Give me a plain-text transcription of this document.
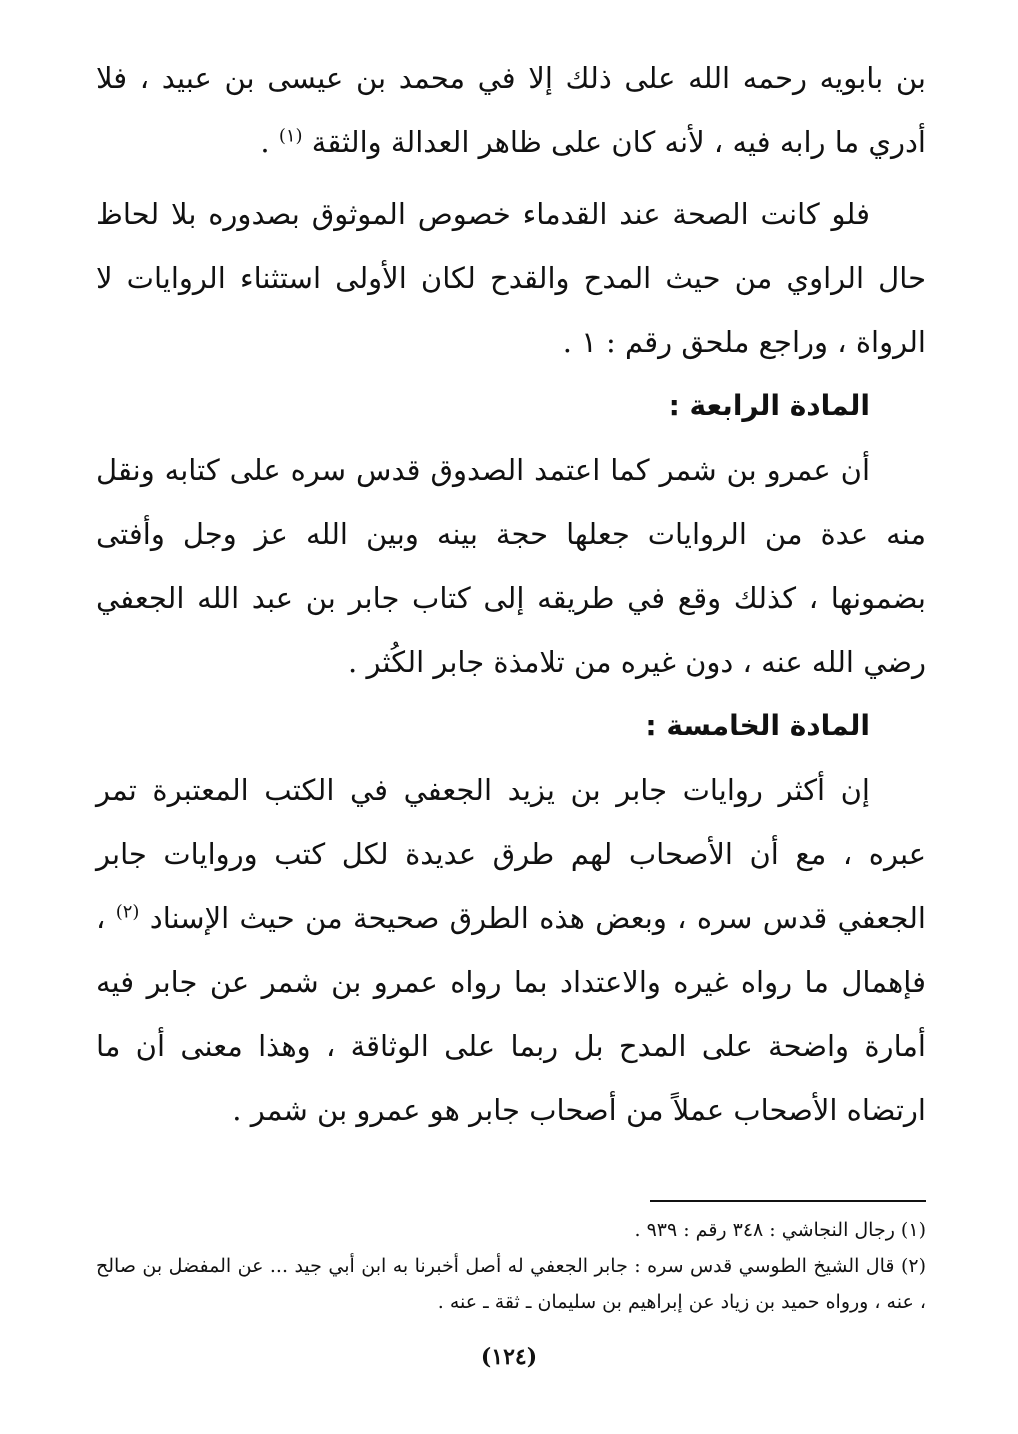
بن بابويه رحمه الله على ذلك إلا في محمد بن عيسى بن عبيد ، فلا أدري ما رابه فيه ، لأنه كان على ظاهر العدالة والثقة $^{(١)}$ .

فلو كانت الصحة عند القدماء خصوص الموثوق بصدوره بلا لحاظ حال الراوي من حيث المدح والقدح لكان الأولى استثناء الروايات لا الرواة ، وراجع ملحق رقم : ١ .

المادة الرابعة :

أن عمرو بن شمر كما اعتمد الصدوق قدس سره على كتابه ونقل منه عدة من الروايات جعلها حجة بينه وبين الله عز وجل وأفتى بضمونها ، كذلك وقع في طريقه إلى كتاب جابر بن عبد الله الجعفي رضي الله عنه ، دون غيره من تلامذة جابر الكُثر .

المادة الخامسة :

إن أكثر روايات جابر بن يزيد الجعفي في الكتب المعتبرة تمر عبره ، مع أن الأصحاب لهم طرق عديدة لكل كتب وروايات جابر الجعفي قدس سره ، وبعض هذه الطرق صحيحة من حيث الإسناد $^{(٢)}$ ، فإهمال ما رواه غيره والاعتداد بما رواه عمرو بن شمر عن جابر فيه أمارة واضحة على المدح بل ربما على الوثاقة ، وهذا معنى أن ما ارتضاه الأصحاب عملاً من أصحاب جابر هو عمرو بن شمر .

(١) رجال النجاشي : ٣٤٨ رقم : ٩٣٩ .

(٢) قال الشيخ الطوسي قدس سره : جابر الجعفي له أصل أخبرنا به ابن أبي جيد ... عن المفضل بن صالح ، عنه ، ورواه حميد بن زياد عن إبراهيم بن سليمان ـ ثقة ـ عنه .

(١٢٤)
